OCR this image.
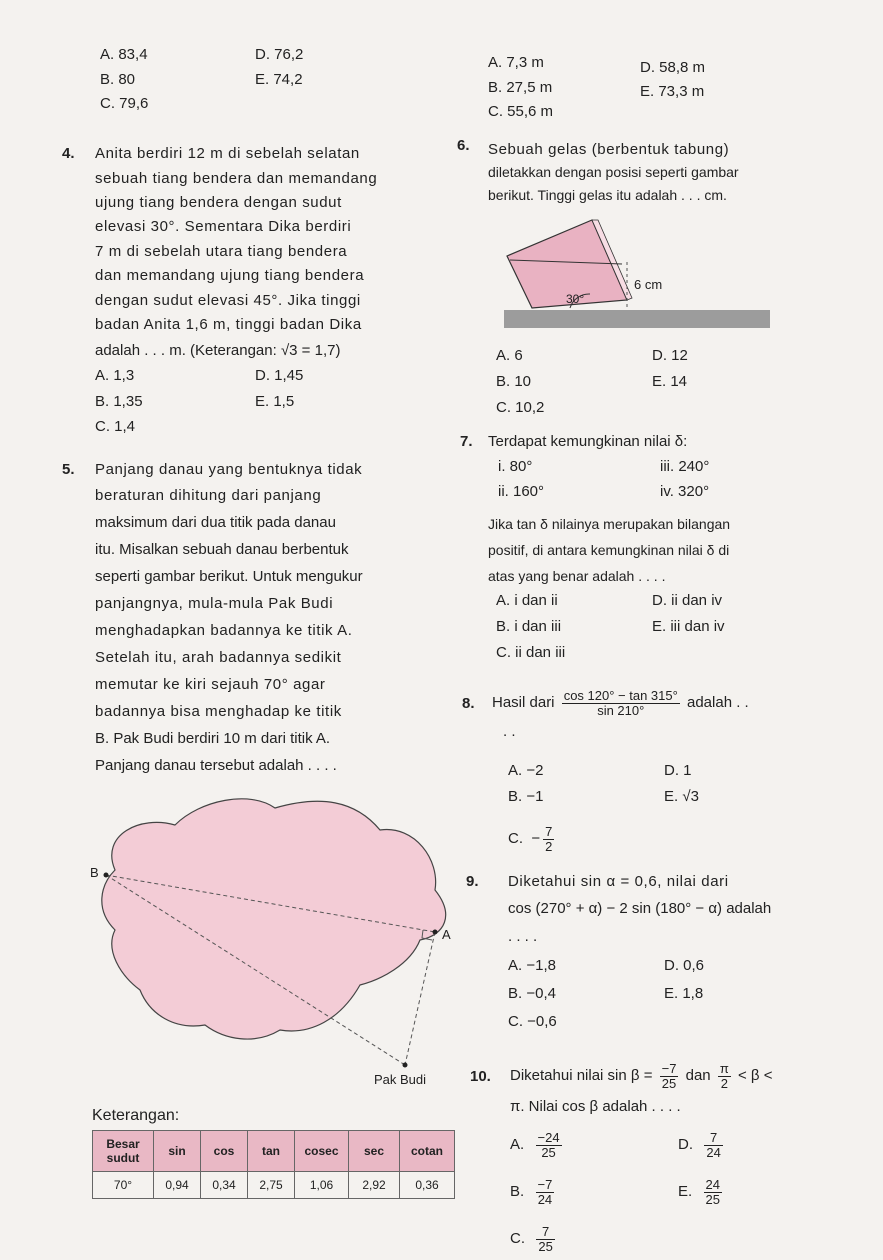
A. 83,4
B. 80
C. 79,6
D. 76,2
E. 74,2
A. 7,3 m
B. 27,5 m
C. 55,6 m
D. 58,8 m
E. 73,3 m
4. Anita berdiri 12 m di sebelah selatan
sebuah tiang bendera dan memandang
ujung tiang bendera dengan sudut
elevasi 30°. Sementara Dika berdiri
7 m di sebelah utara tiang bendera
dan memandang ujung tiang bendera
dengan sudut elevasi 45°. Jika tinggi
badan Anita 1,6 m, tinggi badan Dika
adalah . . . m. (Keterangan: √3 = 1,7)
A. 1,3
B. 1,35
C. 1,4
D. 1,45
E. 1,5
5. Panjang danau yang bentuknya tidak
beraturan dihitung dari panjang
maksimum dari dua titik pada danau
itu. Misalkan sebuah danau berbentuk
seperti gambar berikut. Untuk mengukur
panjangnya, mula-mula Pak Budi
menghadapkan badannya ke titik A.
Setelah itu, arah badannya sedikit
memutar ke kiri sejauh 70° agar
badannya bisa menghadap ke titik
B. Pak Budi berdiri 10 m dari titik A.
Panjang danau tersebut adalah . . . .
B
A
Pak Budi
Keterangan:
Besar sudut	sin	cos	tan	cosec	sec	cotan
70°	0,94	0,34	2,75	1,06	2,92	0,36
6. Sebuah gelas (berbentuk tabung)
diletakkan dengan posisi seperti gambar
berikut. Tinggi gelas itu adalah . . . cm.
6 cm
30°
A. 6
B. 10
C. 10,2
D. 12
E. 14
7. Terdapat kemungkinan nilai δ:
i. 80°
ii. 160°
iii. 240°
iv. 320°
Jika tan δ nilainya merupakan bilangan
positif, di antara kemungkinan nilai δ di
atas yang benar adalah . . . .
A. i dan ii
B. i dan iii
C. ii dan iii
D. ii dan iv
E. iii dan iv
8. Hasil dari $\frac{\cos 120^\circ - \tan 315^\circ}{\sin 210^\circ}$ adalah . .
. .
A. −2
B. −1
C. − $\frac{7}{2}$
D. 1
E. √3
9. Diketahui sin α = 0,6, nilai dari
cos (270° + α) − 2 sin (180° − α) adalah
. . . .
A. −1,8
B. −0,4
C. −0,6
D. 0,6
E. 1,8
10. Diketahui nilai $\sin \beta = \frac{-7}{25}$ dan $\frac{\pi}{2} < \beta$ <
π. Nilai cos β adalah . . . .
A. $\frac{-24}{25}$
B. $\frac{-7}{24}$
C. $\frac{7}{25}$
D. $\frac{7}{24}$
E. $\frac{24}{25}$
